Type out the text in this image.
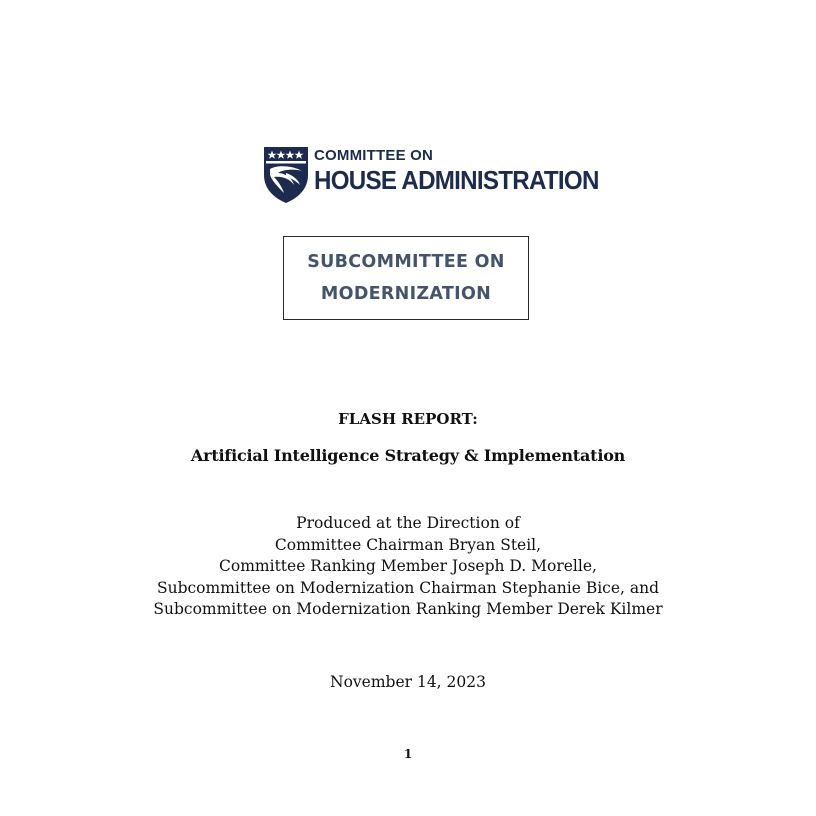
COMMITTEE ON
HOUSE ADMINISTRATION
SUBCOMMITTEE ON
MODERNIZATION
FLASH REPORT:
Artificial Intelligence Strategy & Implementation
Produced at the Direction of
Committee Chairman Bryan Steil,
Committee Ranking Member Joseph D. Morelle,
Subcommittee on Modernization Chairman Stephanie Bice, and
Subcommittee on Modernization Ranking Member Derek Kilmer
November 14, 2023
1
